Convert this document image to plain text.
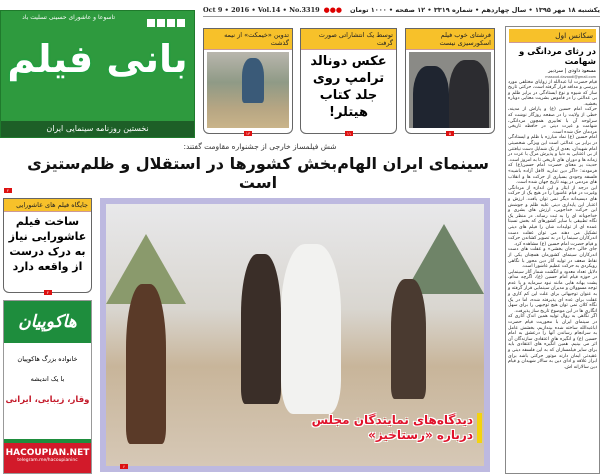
تاسوعا و عاشورای حسینی تسلیت باد
بانی فیلم
نخستین روزنامه سینمایی ایران
Oct 9 • 2016 • Vol.14 • No.3319 ●●●	یکشنبه ۱۸ مهر ۱۳۹۵ • سال چهاردهم • شماره ۳۳۱۹ • ۱۲ صفحه • ۱۰۰۰ تومان
تدوین «خیمکت» از نیمه گذشت
۱۳
توسط یک انتشاراتی صورت گرفت
عکس دونالد ترامپ روی جلد کتاب هیتلر!
۱۱
فرشتای خوب فیلم اسکورسیزی نیست
۵
سکانس اول
در رثای مردانگی و شهامت
مسعود داودی | سردبیر
masoud.davoodi@gmail.com

قیام حضرت ابا عبدالله از زوایای مختلفی مورد بررسی و مداقه قرار گرفته است، حرکتی تاریخ ساز که شیوه و نوع ایستادگی در برابر ظلم و بی عدالتی را در قاموس بشریت معنایی دوباره بخشید.

حرکت امام حسین (ع) و پاراش از مدینه، خطی از ولایت را در صفحه روزگار نوشت که سرلوحه آن با تعابیری همچون مردانگی، شهامت و غیرت دینی در حافظه تاریخی مردمان حک شده است.

امام حسین (ع) نماد مبارزه با ظلم و ایستادگی در برابر بی عدالتی است این ویژگی شخصیتی امام شهیدان، بعدی از یک شمایل دست نیافتنی از بی اعتنایی به دنیا و پذیرش مرگ با عزت در زمانه ها و دوران های تاریخی تا به امروز است.

حدیث پر معنای حضرت امام حسین(ع) که فرمودند: «اگر دین ندارید لااقل آزاده باشید» فلسفه وجودی بسیاری از حرکت ها و انقلاب های مردمی در پهنه تاریخ جهان شده است.

این درجه از ایثار و این اندازه از مردانگی وغیرت در قیام عاشورا را در هیچ یک از حرکت های دیسیدانه دیگر نمی توان یافت. ارزش و اعتبار این پایداری دینی علیه ظلم و جوشش این حرکت خداجویی، ارزش های بشری و خداجویانه ای را به ثبت رساند. در منظر یک نگاه تطبیقی با سایر کشورهای که بخش نسبتا عمده ای از تولیدات شان را فیلم های دینی تشکیل می دهند می توان غفلت دست اندرکاران سینما را در به تصویر کشاندن حرکت و قیام حضرت امام حسین (ع) مشاهده کرد.

جای خالی «جان بخشی» و غفلت های دست اندرکاران سینمای کشورمان همچنان یکی از نقاط ضعف در تولید آثار دین محور با نگاهی رویکردی به حرکت عظیم عاشورا است.

دلایل تعداد معدود و انگشت شمار آثار سینمایی در حوزه قیام امام حسین (ع)، اگرچه مدام، پشت بهانه هایی مانند نبود سرمایه و یا عدم توجه مسوولان و مدیران سینمایی قرار گرفته و به عنوان توجیهاتی برای علت این کم کاری و غفلت برای عده ای پذیرفته شده، اما در یک نگاه کلان نمی توان هیچ توجیهی را برای سهل انگاری ها در این موضوع تاریخ ساز پذیرفت.

اگر نگاهی به روال تولید همین اندک آثاری که در سینمای ایران با محوریت قیام حضرت اباعبدالله ساخته شده بیندازیم، بخشش عامل به سرانجام رساندن آنها را درعشق به امام حسین (ع) و انگیزه های اعتقادی سازندگان آن اثر می بینیم. همین انگیزه های اعتقادی باید برای سایر فیلمسازان که به این فلسفه دینی و عقیدتی ایمان دارند موتور حرکتی باشد برای ابراز علاقه و ادای دین به سالار شهیدان و قیام دین سالارانه اش.

شش فیلمساز خارجی از جشنواره مقاومت گفتند:
سینمای ایران الهام‌بخش کشورها در استقلال و ظلم‌ستیزی است
۲
جایگاه فیلم های عاشورایی
ساخت فیلم عاشورایی نیاز به درک درست از واقعه دارد
۲
هاکوپیان
خانواده بزرگ هاکوپیان
با یک اندیشه
وقار، زیبایی، ایرانی
HACOUPIAN.NET
telegram.me/hacoupianinc
دیدگاه‌های نمایندگان مجلس
درباره «رستاخیز»
۶
